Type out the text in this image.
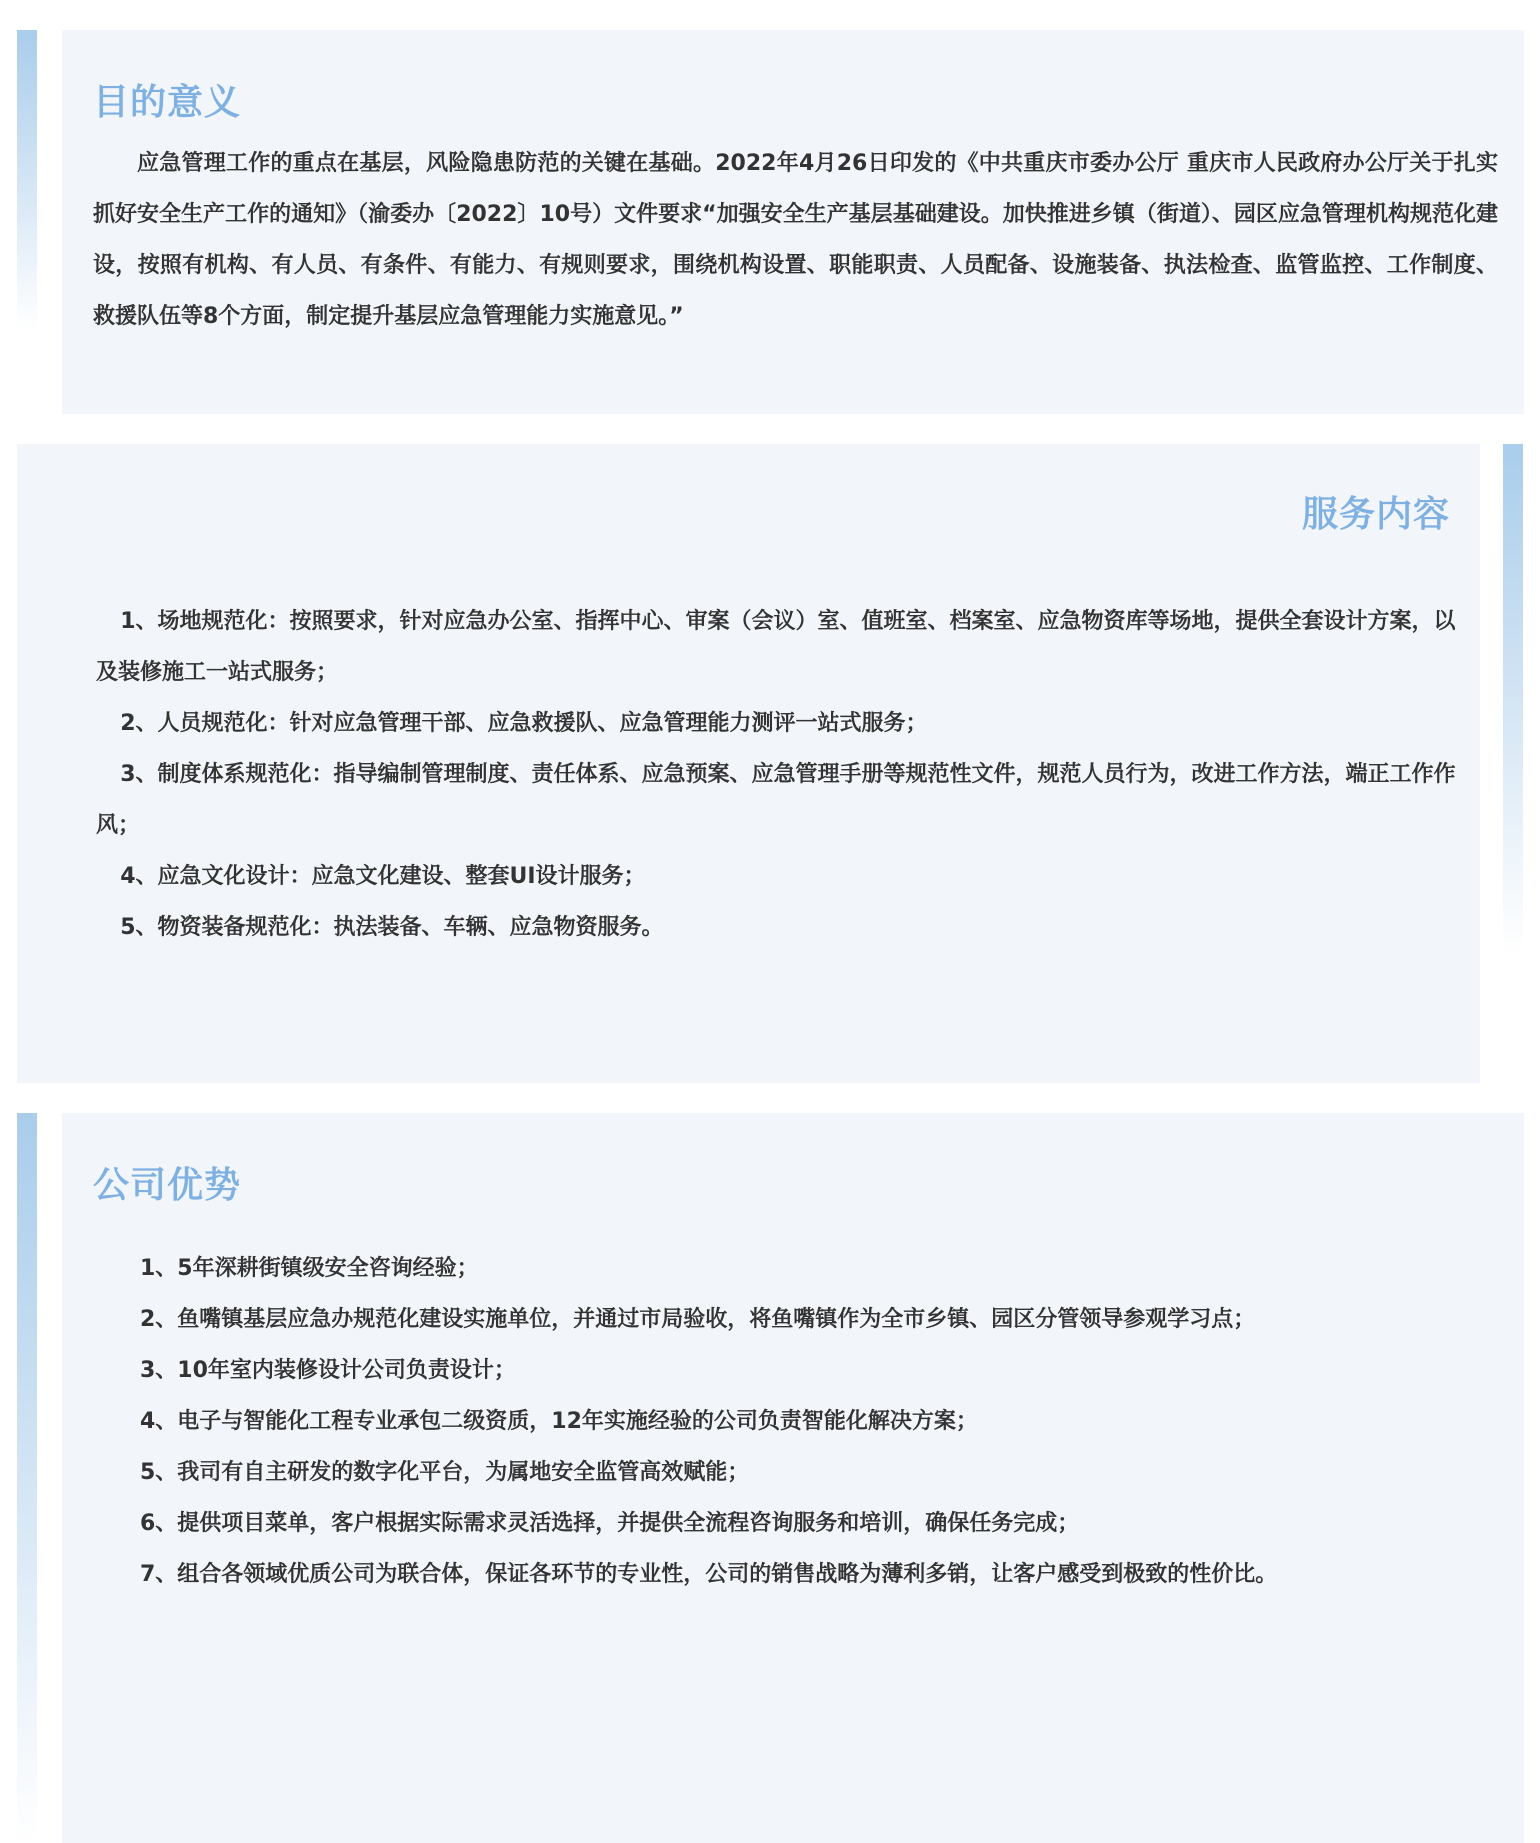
目的意义

应急管理工作的重点在基层，风险隐患防范的关键在基础。2022年4月26日印发的《中共重庆市委办公厅 重庆市人民政府办公厅关于扎实抓好安全生产工作的通知》（渝委办〔2022〕10号）文件要求“加强安全生产基层基础建设。加快推进乡镇（街道）、园区应急管理机构规范化建设，按照有机构、有人员、有条件、有能力、有规则要求，围绕机构设置、职能职责、人员配备、设施装备、执法检查、监管监控、工作制度、救援队伍等8个方面，制定提升基层应急管理能力实施意见。”

服务内容

1、场地规范化：按照要求，针对应急办公室、指挥中心、审案（会议）室、值班室、档案室、应急物资库等场地，提供全套设计方案，以及装修施工一站式服务；

2、人员规范化：针对应急管理干部、应急救援队、应急管理能力测评一站式服务；

3、制度体系规范化：指导编制管理制度、责任体系、应急预案、应急管理手册等规范性文件，规范人员行为，改进工作方法，端正工作作风；

4、应急文化设计：应急文化建设、整套UI设计服务；

5、物资装备规范化：执法装备、车辆、应急物资服务。

公司优势

1、5年深耕街镇级安全咨询经验；

2、鱼嘴镇基层应急办规范化建设实施单位，并通过市局验收，将鱼嘴镇作为全市乡镇、园区分管领导参观学习点；

3、10年室内装修设计公司负责设计；

4、电子与智能化工程专业承包二级资质，12年实施经验的公司负责智能化解决方案；

5、我司有自主研发的数字化平台，为属地安全监管高效赋能；

6、提供项目菜单，客户根据实际需求灵活选择，并提供全流程咨询服务和培训，确保任务完成；

7、组合各领域优质公司为联合体，保证各环节的专业性，公司的销售战略为薄利多销，让客户感受到极致的性价比。
